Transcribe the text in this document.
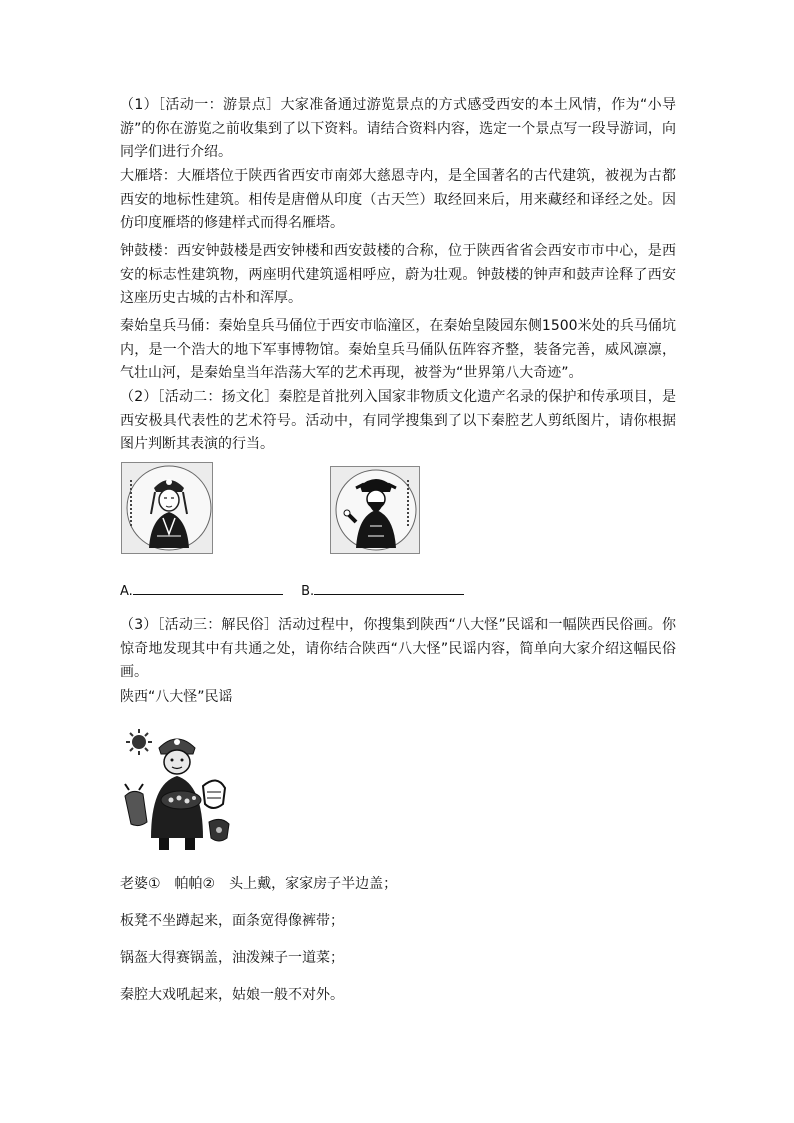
（1）［活动一：游景点］大家准备通过游览景点的方式感受西安的本土风情，作为“小导游”的你在游览之前收集到了以下资料。请结合资料内容，选定一个景点写一段导游词，向同学们进行介绍。

大雁塔：大雁塔位于陕西省西安市南郊大慈恩寺内，是全国著名的古代建筑，被视为古都西安的地标性建筑。相传是唐僧从印度（古天竺）取经回来后，用来藏经和译经之处。因仿印度雁塔的修建样式而得名雁塔。

钟鼓楼：西安钟鼓楼是西安钟楼和西安鼓楼的合称，位于陕西省省会西安市市中心，是西安的标志性建筑物，两座明代建筑遥相呼应，蔚为壮观。钟鼓楼的钟声和鼓声诠释了西安这座历史古城的古朴和浑厚。

秦始皇兵马俑：秦始皇兵马俑位于西安市临潼区，在秦始皇陵园东侧1500米处的兵马俑坑内，是一个浩大的地下军事博物馆。秦始皇兵马俑队伍阵容齐整，装备完善，威风凛凛，气壮山河，是秦始皇当年浩荡大军的艺术再现，被誉为“世界第八大奇迹”。

（2）［活动二：扬文化］秦腔是首批列入国家非物质文化遗产名录的保护和传承项目，是西安极具代表性的艺术符号。活动中，有同学搜集到了以下秦腔艺人剪纸图片，请你根据图片判断其表演的行当。

A.	B.

（3）［活动三：解民俗］活动过程中，你搜集到陕西“八大怪”民谣和一幅陕西民俗画。你惊奇地发现其中有共通之处，请你结合陕西“八大怪”民谣内容，简单向大家介绍这幅民俗画。

陕西“八大怪”民谣

老婆①　帕帕②　头上戴，家家房子半边盖；

板凳不坐蹲起来，面条宽得像裤带；

锅盔大得赛锅盖，油泼辣子一道菜；

秦腔大戏吼起来，姑娘一般不对外。
